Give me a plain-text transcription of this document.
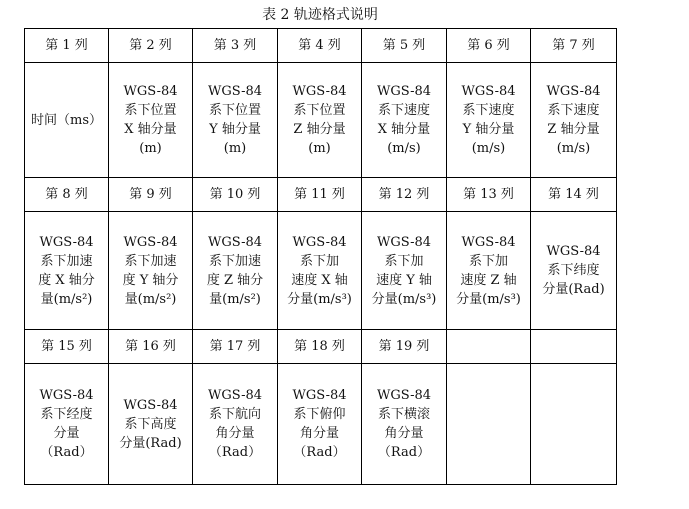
表 2 轨迹格式说明
第 1 列	第 2 列	第 3 列	第 4 列	第 5 列	第 6 列	第 7 列
时间（ms）	WGS-84
系下位置
X 轴分量
(m)	WGS-84
系下位置
Y 轴分量
(m)	WGS-84
系下位置
Z 轴分量
(m)	WGS-84
系下速度
X 轴分量
(m/s)	WGS-84
系下速度
Y 轴分量
(m/s)	WGS-84
系下速度
Z 轴分量
(m/s)
第 8 列	第 9 列	第 10 列	第 11 列	第 12 列	第 13 列	第 14 列
WGS-84
系下加速
度 X 轴分
量(m/s²)	WGS-84
系下加速
度 Y 轴分
量(m/s²)	WGS-84
系下加速
度 Z 轴分
量(m/s²)	WGS-84
系下加
速度 X 轴
分量(m/s³)	WGS-84
系下加
速度 Y 轴
分量(m/s³)	WGS-84
系下加
速度 Z 轴
分量(m/s³)	WGS-84
系下纬度
分量(Rad)
第 15 列	第 16 列	第 17 列	第 18 列	第 19 列		
WGS-84
系下经度
分量
（Rad）	WGS-84
系下高度
分量(Rad)	WGS-84
系下航向
角分量
（Rad）	WGS-84
系下俯仰
角分量
（Rad）	WGS-84
系下横滚
角分量
（Rad）		
